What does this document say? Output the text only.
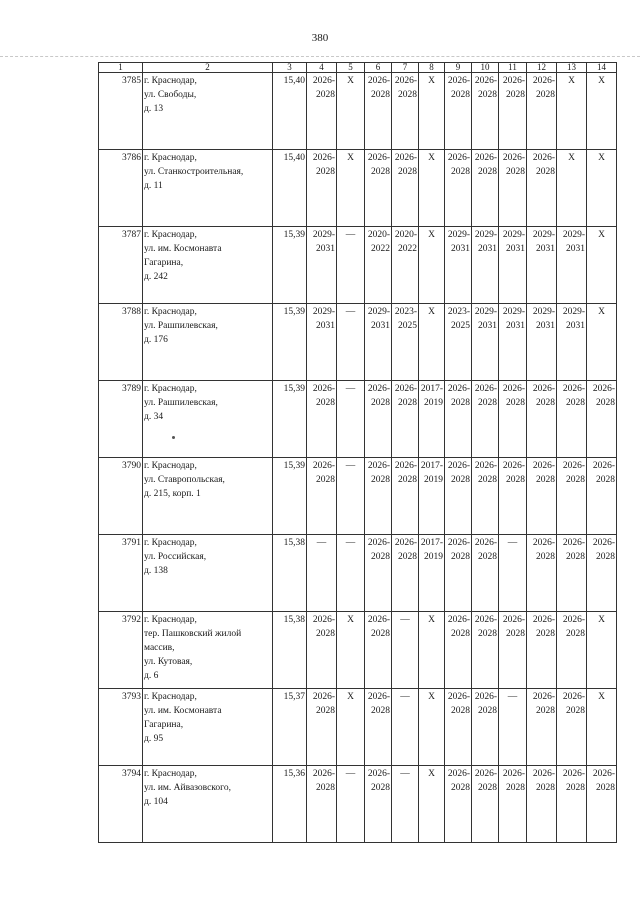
380
1	2	3	4	5	6	7	8	9	10	11	12	13	14
3785	г. Краснодар,
ул. Свободы,
д. 13	15,40	2026-2028	X	2026-2028	2026-2028	X	2026-2028	2026-2028	2026-2028	2026-2028	X	X
3786	г. Краснодар,
ул. Станкостроительная,
д. 11	15,40	2026-2028	X	2026-2028	2026-2028	X	2026-2028	2026-2028	2026-2028	2026-2028	X	X
3787	г. Краснодар,
ул. им. Космонавта
Гагарина,
д. 242	15,39	2029-2031	—	2020-2022	2020-2022	X	2029-2031	2029-2031	2029-2031	2029-2031	2029-2031	X
3788	г. Краснодар,
ул. Рашпилевская,
д. 176	15,39	2029-2031	—	2029-2031	2023-2025	X	2023-2025	2029-2031	2029-2031	2029-2031	2029-2031	X
3789	г. Краснодар,
ул. Рашпилевская,
д. 34	15,39	2026-2028	—	2026-2028	2026-2028	2017-2019	2026-2028	2026-2028	2026-2028	2026-2028	2026-2028	2026-2028
3790	г. Краснодар,
ул. Ставропольская,
д. 215, корп. 1	15,39	2026-2028	—	2026-2028	2026-2028	2017-2019	2026-2028	2026-2028	2026-2028	2026-2028	2026-2028	2026-2028
3791	г. Краснодар,
ул. Российская,
д. 138	15,38	—	—	2026-2028	2026-2028	2017-2019	2026-2028	2026-2028	—	2026-2028	2026-2028	2026-2028
3792	г. Краснодар,
тер. Пашковский жилой
массив,
ул. Кутовая,
д. 6	15,38	2026-2028	X	2026-2028	—	X	2026-2028	2026-2028	2026-2028	2026-2028	2026-2028	X
3793	г. Краснодар,
ул. им. Космонавта
Гагарина,
д. 95	15,37	2026-2028	X	2026-2028	—	X	2026-2028	2026-2028	—	2026-2028	2026-2028	X
3794	г. Краснодар,
ул. им. Айвазовского,
д. 104	15,36	2026-2028	—	2026-2028	—	X	2026-2028	2026-2028	2026-2028	2026-2028	2026-2028	2026-2028
